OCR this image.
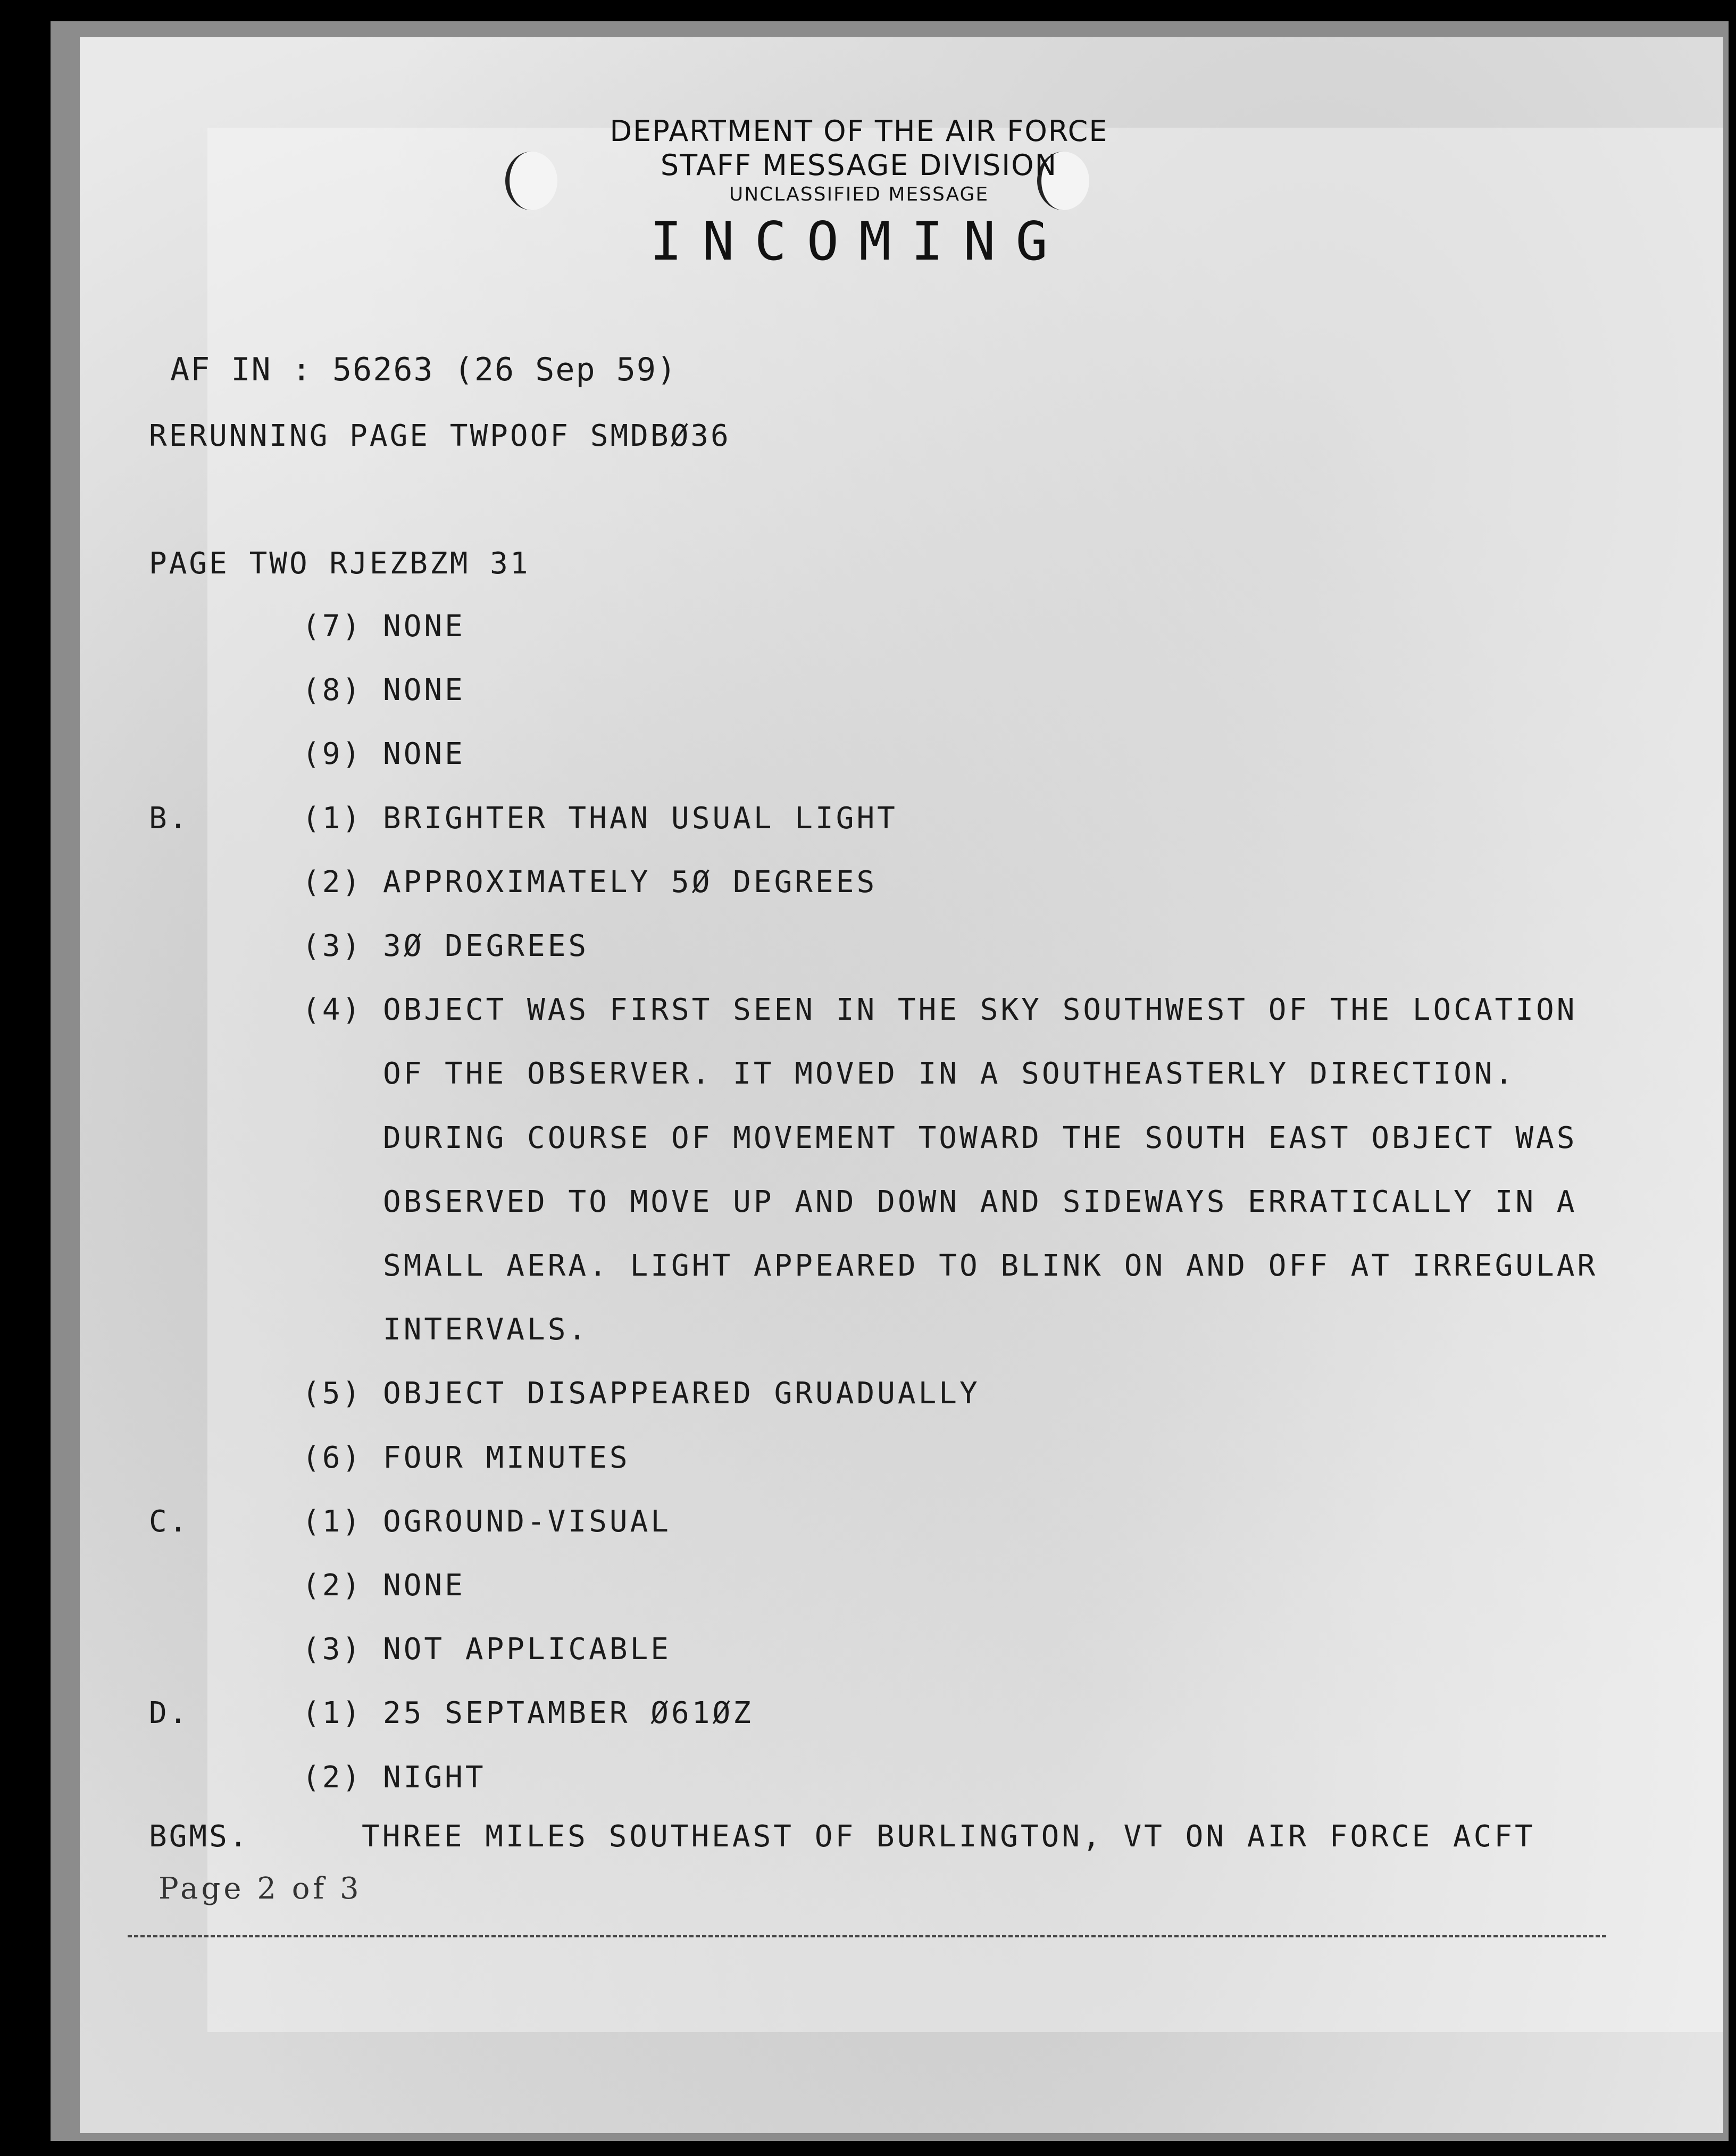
DEPARTMENT OF THE AIR FORCE
STAFF MESSAGE DIVISION
UNCLASSIFIED MESSAGE
INCOMING
AF IN : 56263 (26 Sep 59)
RERUNNING PAGE TWPOOF SMDBØ36
PAGE TWO RJEZBZM 31
(7) NONE
(8) NONE
(9) NONE
B.	(1) BRIGHTER THAN USUAL LIGHT
(2) APPROXIMATELY 5Ø DEGREES
(3) 3Ø DEGREES
(4) OBJECT WAS FIRST SEEN IN THE SKY SOUTHWEST OF THE LOCATION
OF THE OBSERVER. IT MOVED IN A SOUTHEASTERLY DIRECTION.
DURING COURSE OF MOVEMENT TOWARD THE SOUTH EAST OBJECT WAS
OBSERVED TO MOVE UP AND DOWN AND SIDEWAYS ERRATICALLY IN A
SMALL AERA. LIGHT APPEARED TO BLINK ON AND OFF AT IRREGULAR
INTERVALS.
(5) OBJECT DISAPPEARED GRUADUALLY
(6) FOUR MINUTES
C.	(1) OGROUND-VISUAL
(2) NONE
(3) NOT APPLICABLE
D.	(1) 25 SEPTAMBER Ø61ØZ
(2) NIGHT
BGMS.	THREE MILES SOUTHEAST OF BURLINGTON, VT ON AIR FORCE ACFT
Page 2 of 3
